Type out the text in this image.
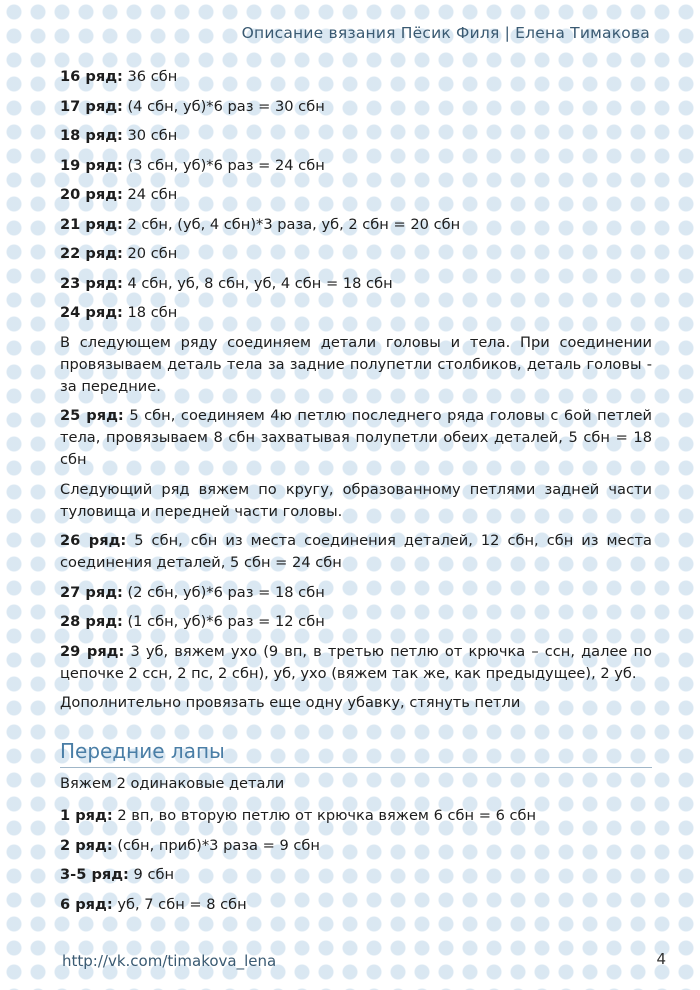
Описание вязания Пёсик Филя | Елена Тимакова
16 ряд: 36 сбн
17 ряд: (4 сбн, уб)*6 раз = 30 сбн
18 ряд: 30 сбн
19 ряд: (3 сбн, уб)*6 раз = 24 сбн
20 ряд: 24 сбн
21 ряд: 2 сбн, (уб, 4 сбн)*3 раза, уб, 2 сбн = 20 сбн
22 ряд: 20 сбн
23 ряд: 4 сбн, уб, 8 сбн, уб, 4 сбн = 18 сбн
24 ряд: 18 сбн

В следующем ряду соединяем детали головы и тела. При соединении провязываем деталь тела за задние полупетли столбиков, деталь головы - за передние.

25 ряд: 5 сбн, соединяем 4ю петлю последнего ряда головы с 6ой петлей тела, провязываем 8 сбн захватывая полупетли обеих деталей, 5 сбн = 18 сбн

Следующий ряд вяжем по кругу, образованному петлями задней части туловища и передней части головы.

26 ряд: 5 сбн, сбн из места соединения деталей, 12 сбн, сбн из места соединения деталей, 5 сбн = 24 сбн

27 ряд: (2 сбн, уб)*6 раз = 18 сбн
28 ряд: (1 сбн, уб)*6 раз = 12 сбн

29 ряд: 3 уб, вяжем ухо (9 вп, в третью петлю от крючка – ссн, далее по цепочке 2 ссн, 2 пс, 2 сбн), уб, ухо (вяжем так же, как предыдущее), 2 уб.

Дополнительно провязать еще одну убавку, стянуть петли

Передние лапы
Вяжем 2 одинаковые детали
1 ряд: 2 вп, во вторую петлю от крючка вяжем 6 сбн = 6 сбн
2 ряд: (сбн, приб)*3 раза = 9 сбн
3-5 ряд: 9 сбн
6 ряд: уб, 7 сбн = 8 сбн
http://vk.com/timakova_lena	4
